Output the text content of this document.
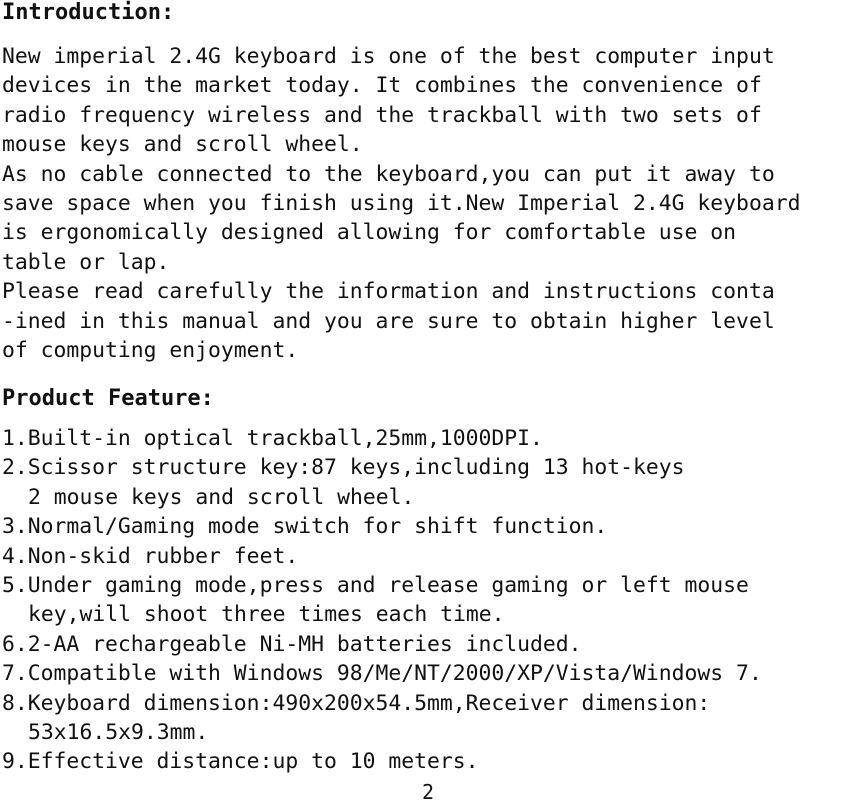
Introduction:

New imperial 2.4G keyboard is one of the best computer input
devices in the market today. It combines the convenience of
radio frequency wireless and the trackball with two sets of
mouse keys and scroll wheel.
As no cable connected to the keyboard,you can put it away to
save space when you finish using it.New Imperial 2.4G keyboard
is ergonomically designed allowing for comfortable use on
table or lap.
Please read carefully the information and instructions conta
-ined in this manual and you are sure to obtain higher level
of computing enjoyment.

Product Feature:
1.Built-in optical trackball,25mm,1000DPI.
2.Scissor structure key:87 keys,including 13 hot-keys
2 mouse keys and scroll wheel.
3.Normal/Gaming mode switch for shift function.
4.Non-skid rubber feet.
5.Under gaming mode,press and release gaming or left mouse
key,will shoot three times each time.
6.2-AA rechargeable Ni-MH batteries included.
7.Compatible with Windows 98/Me/NT/2000/XP/Vista/Windows 7.
8.Keyboard dimension:490x200x54.5mm,Receiver dimension:
53x16.5x9.3mm.
9.Effective distance:up to 10 meters.

2
